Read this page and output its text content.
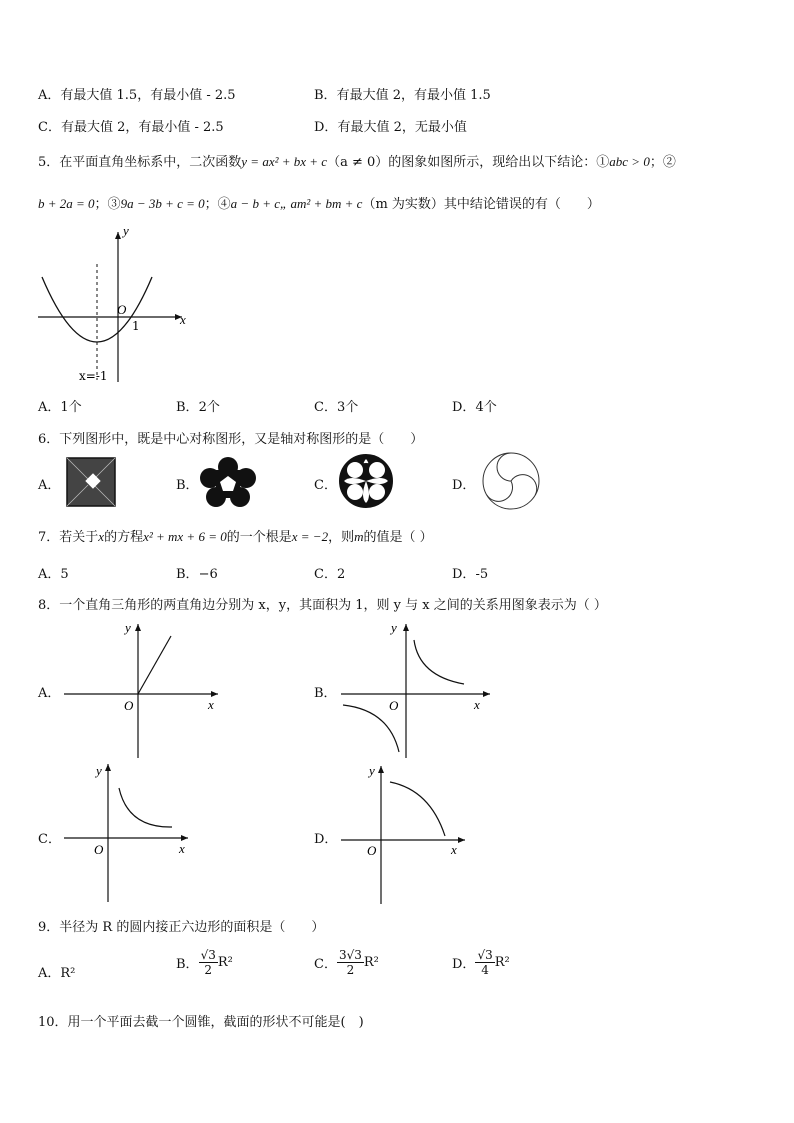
A．有最大值 1.5，有最小值 - 2.5	B．有最大值 2，有最小值 1.5
C．有最大值 2，有最小值 - 2.5	D．有最大值 2，无最小值
5．在平面直角坐标系中，二次函数y = ax² + bx + c（a ≠ 0）的图象如图所示，现给出以下结论：①abc > 0；②
b + 2a = 0；③9a − 3b + c = 0；④a − b + c„ am² + bm + c（m 为实数）其中结论错误的有（　　）
y
x
O
1
x=-1
A．1个	B．2个	C．3个	D．4个
6．下列图形中，既是中心对称图形，又是轴对称图形的是（　　）
A．	B．	C．	D．
7．若关于x的方程x² + mx + 6 = 0的一个根是x = −2，则m的值是（ ）
A．5	B．−6	C．2	D．-5
8．一个直角三角形的两直角边分别为 x，y，其面积为 1，则 y 与 x 之间的关系用图象表示为（ ）
A．
y
x
O
B．
y
x
O
C．
y
x
O
D．
y
x
O
9．半径为 R 的圆内接正六边形的面积是（　　）
A．R²
B． $\frac{√3}{2} R^2$	C． $\frac{3√3}{2} R^2$	D． $\frac{√3}{4} R^2$
10．用一个平面去截一个圆锥，截面的形状不可能是(　)
